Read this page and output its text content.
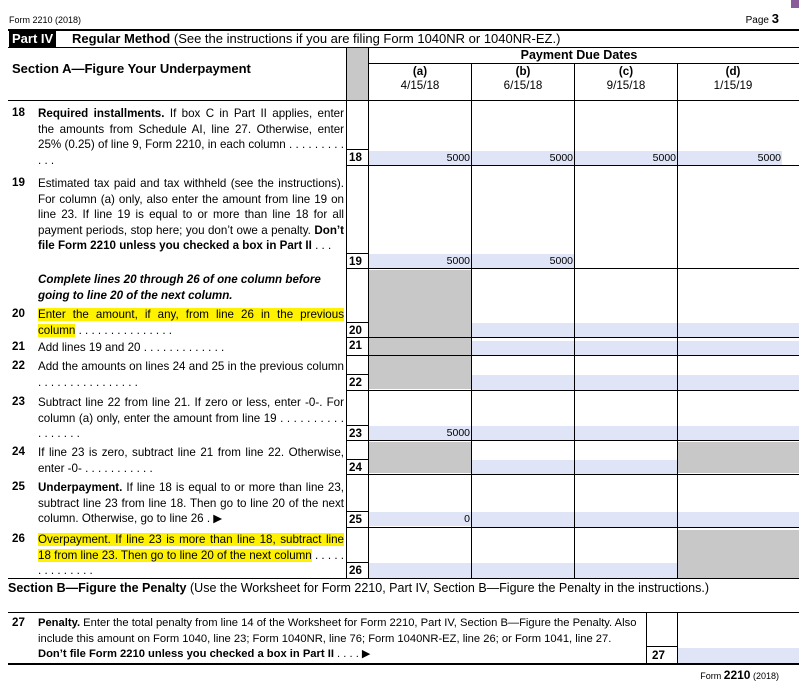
Form 2210 (2018)	Page 3
Part IV Regular Method (See the instructions if you are filing Form 1040NR or 1040NR-EZ.)
Section A—Figure Your Underpayment
Payment Due Dates
(a)
4/15/18
(b)
6/15/18
(c)
9/15/18
(d)
1/15/19
18	Required installments. If box C in Part II applies, enter the amounts from Schedule AI, line 27. Otherwise, enter 25% (0.25) of line 9, Form 2210, in each column . . . . . . . . . . . .	18	5000	5000	5000	5000
19	Estimated tax paid and tax withheld (see the instructions). For column (a) only, also enter the amount from line 19 on line 23. If line 19 is equal to or more than line 18 for all payment periods, stop here; you don’t owe a penalty. Don’t file Form 2210 unless you checked a box in Part II . . .
19	5000	5000
Complete lines 20 through 26 of one column before going to line 20 of the next column.
20	Enter the amount, if any, from line 26 in the previous column . . . . . . . . . . . . . . .	20
21	Add lines 19 and 20 . . . . . . . . . . . . .	21
22	Add the amounts on lines 24 and 25 in the previous column . . . . . . . . . . . . . . . .	22
23	Subtract line 22 from line 21. If zero or less, enter -0-. For column (a) only, enter the amount from line 19 . . . . . . . . . . . . . . . . .	23	5000
24	If line 23 is zero, subtract line 21 from line 22. Otherwise, enter -0- . . . . . . . . . . .	24
25	Underpayment. If line 18 is equal to or more than line 23, subtract line 23 from line 18. Then go to line 20 of the next column. Otherwise, go to line 26 . ▶	25	0
26	Overpayment. If line 23 is more than line 18, subtract line 18 from line 23. Then go to line 20 of the next column . . . . . . . . . . . . . .	26
Section B—Figure the Penalty (Use the Worksheet for Form 2210, Part IV, Section B—Figure the Penalty in the instructions.)
27	Penalty. Enter the total penalty from line 14 of the Worksheet for Form 2210, Part IV, Section B—Figure the Penalty. Also include this amount on Form 1040, line 23; Form 1040NR, line 76; Form 1040NR-EZ, line 26; or Form 1041, line 27. Don’t file Form 2210 unless you checked a box in Part II . . . . ▶	27
Form 2210 (2018)
